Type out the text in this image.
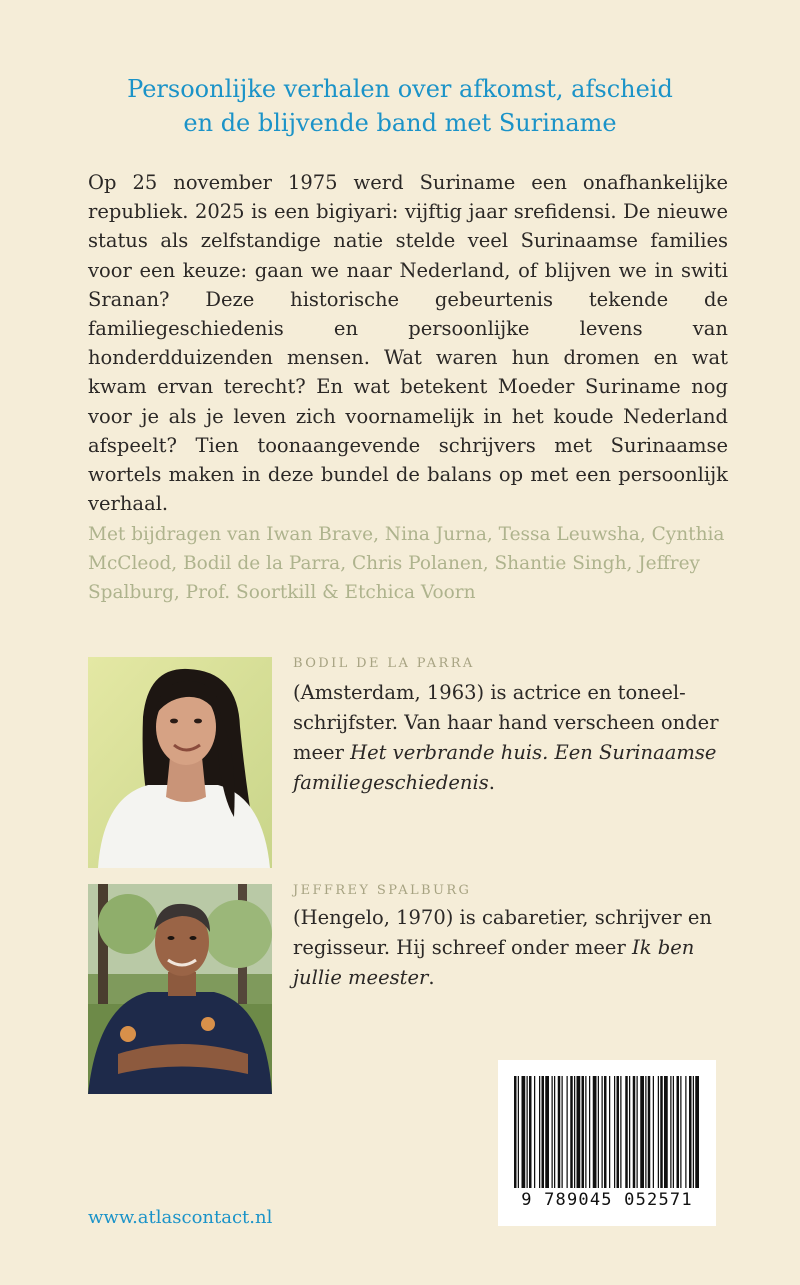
Persoonlijke verhalen over afkomst, afscheid
en de blijvende band met Suriname
Op 25 november 1975 werd Suriname een onafhankelijke republiek. 2025 is een bigiyari: vijftig jaar srefidensi. De nieuwe status als zelfstandige natie stelde veel Surinaamse families voor een keuze: gaan we naar Nederland, of blijven we in switi Sranan? Deze historische gebeurtenis tekende de familiegeschiedenis en persoonlijke levens van honderdduizenden mensen. Wat waren hun dromen en wat kwam ervan terecht? En wat betekent Moeder Suriname nog voor je als je leven zich voornamelijk in het koude Nederland afspeelt? Tien toonaangevende schrijvers met Surinaamse wortels maken in deze bundel de balans op met een persoonlijk verhaal.
Met bijdragen van Iwan Brave, Nina Jurna, Tessa Leuwsha, Cynthia McCleod, Bodil de la Parra, Chris Polanen, Shantie Singh, Jeffrey Spalburg, Prof. Soortkill & Etchica Voorn
BODIL DE LA PARRA
(Amsterdam, 1963) is actrice en toneelschrijfster. Van haar hand verscheen onder meer Het verbrande huis. Een Surinaamse familiegeschiedenis.
JEFFREY SPALBURG
(Hengelo, 1970) is cabaretier, schrijver en regisseur. Hij schreef onder meer Ik ben jullie meester.
www.atlascontact.nl
9 789045 052571
